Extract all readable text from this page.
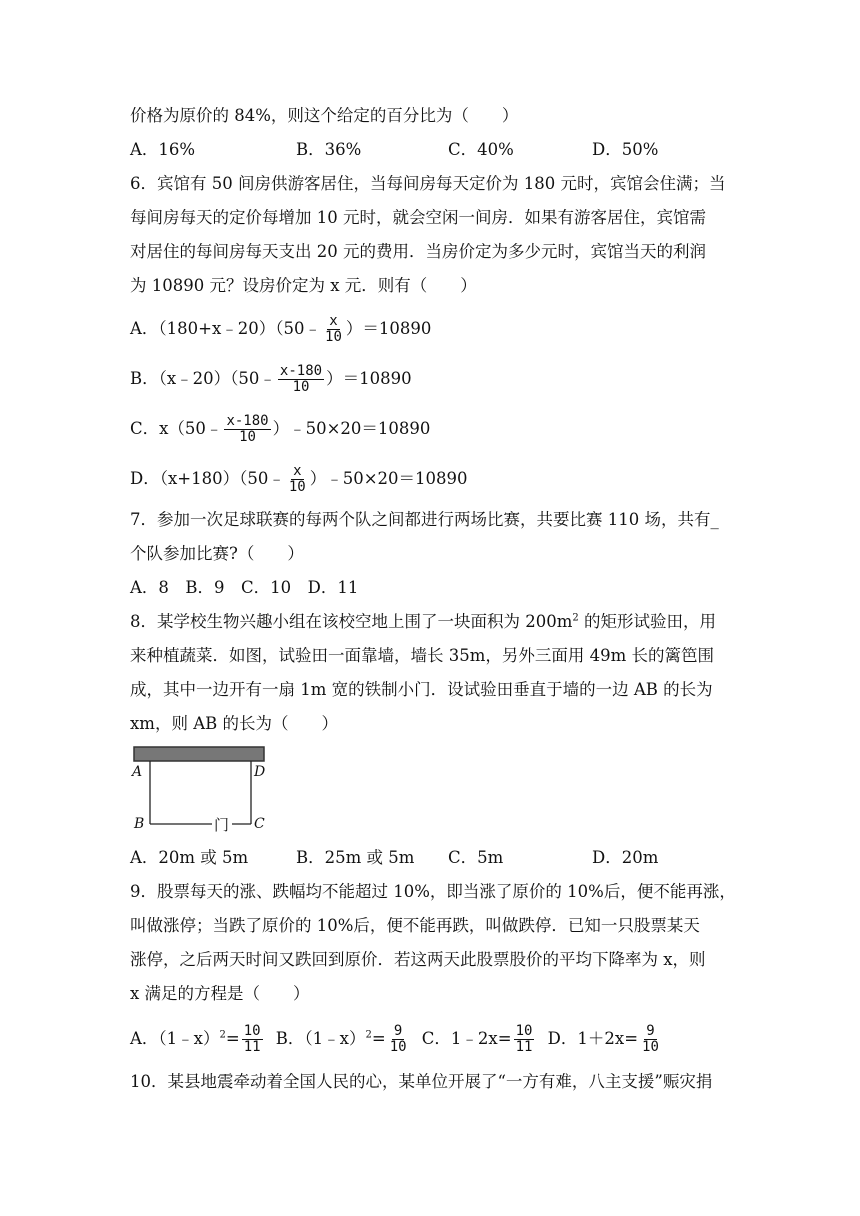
价格为原价的 84%，则这个给定的百分比为（　　）
A．16%	B．36%	C．40%	D．50%
6．宾馆有 50 间房供游客居住，当每间房每天定价为 180 元时，宾馆会住满；当
每间房每天的定价每增加 10 元时，就会空闲一间房．如果有游客居住，宾馆需
对居住的每间房每天支出 20 元的费用．当房价定为多少元时，宾馆当天的利润
为 10890 元？设房价定为 x 元．则有（　　）
A．（180+x﹣20）（50﹣ $\frac{x}{10} )=10890$
B．（x﹣20）（50﹣ $\frac{x-180}{10} )=10890$
C．x（50﹣ $\frac{x-180}{10}$ ）﹣50×20＝10890
D．（x+180）（50﹣ $\frac{x}{10}$ ）﹣50×20＝10890
7．参加一次足球联赛的每两个队之间都进行两场比赛，共要比赛 110 场，共有_
个队参加比赛?（　　）
A．8　B．9　C．10　D．11
8．某学校生物兴趣小组在该校空地上围了一块面积为 $200m^2$ 的矩形试验田，用
来种植蔬菜．如图，试验田一面靠墙，墙长 35m，另外三面用 49m 长的篱笆围
成，其中一边开有一扇 1m 宽的铁制小门．设试验田垂直于墙的一边 AB 的长为
xm，则 AB 的长为（　　）
A	D
B	C
门
A．20m 或 5m	B．25m 或 5m C．5m	D．20m
9．股票每天的涨、跌幅均不能超过 10%，即当涨了原价的 10%后，便不能再涨，
叫做涨停；当跌了原价的 10%后，便不能再跌，叫做跌停．已知一只股票某天
涨停，之后两天时间又跌回到原价．若这两天此股票股价的平均下降率为 x，则
x 满足的方程是（　　）
A．（1﹣x）$^2$= $\frac{10}{11}$ B．（1﹣x）$^2$= $\frac{9}{10}$ C．1﹣2x= $\frac{10}{11}$ D．$1+2x= \frac{9}{10}$
10．某县地震牵动着全国人民的心，某单位开展了“一方有难，八主支援”赈灾捐
